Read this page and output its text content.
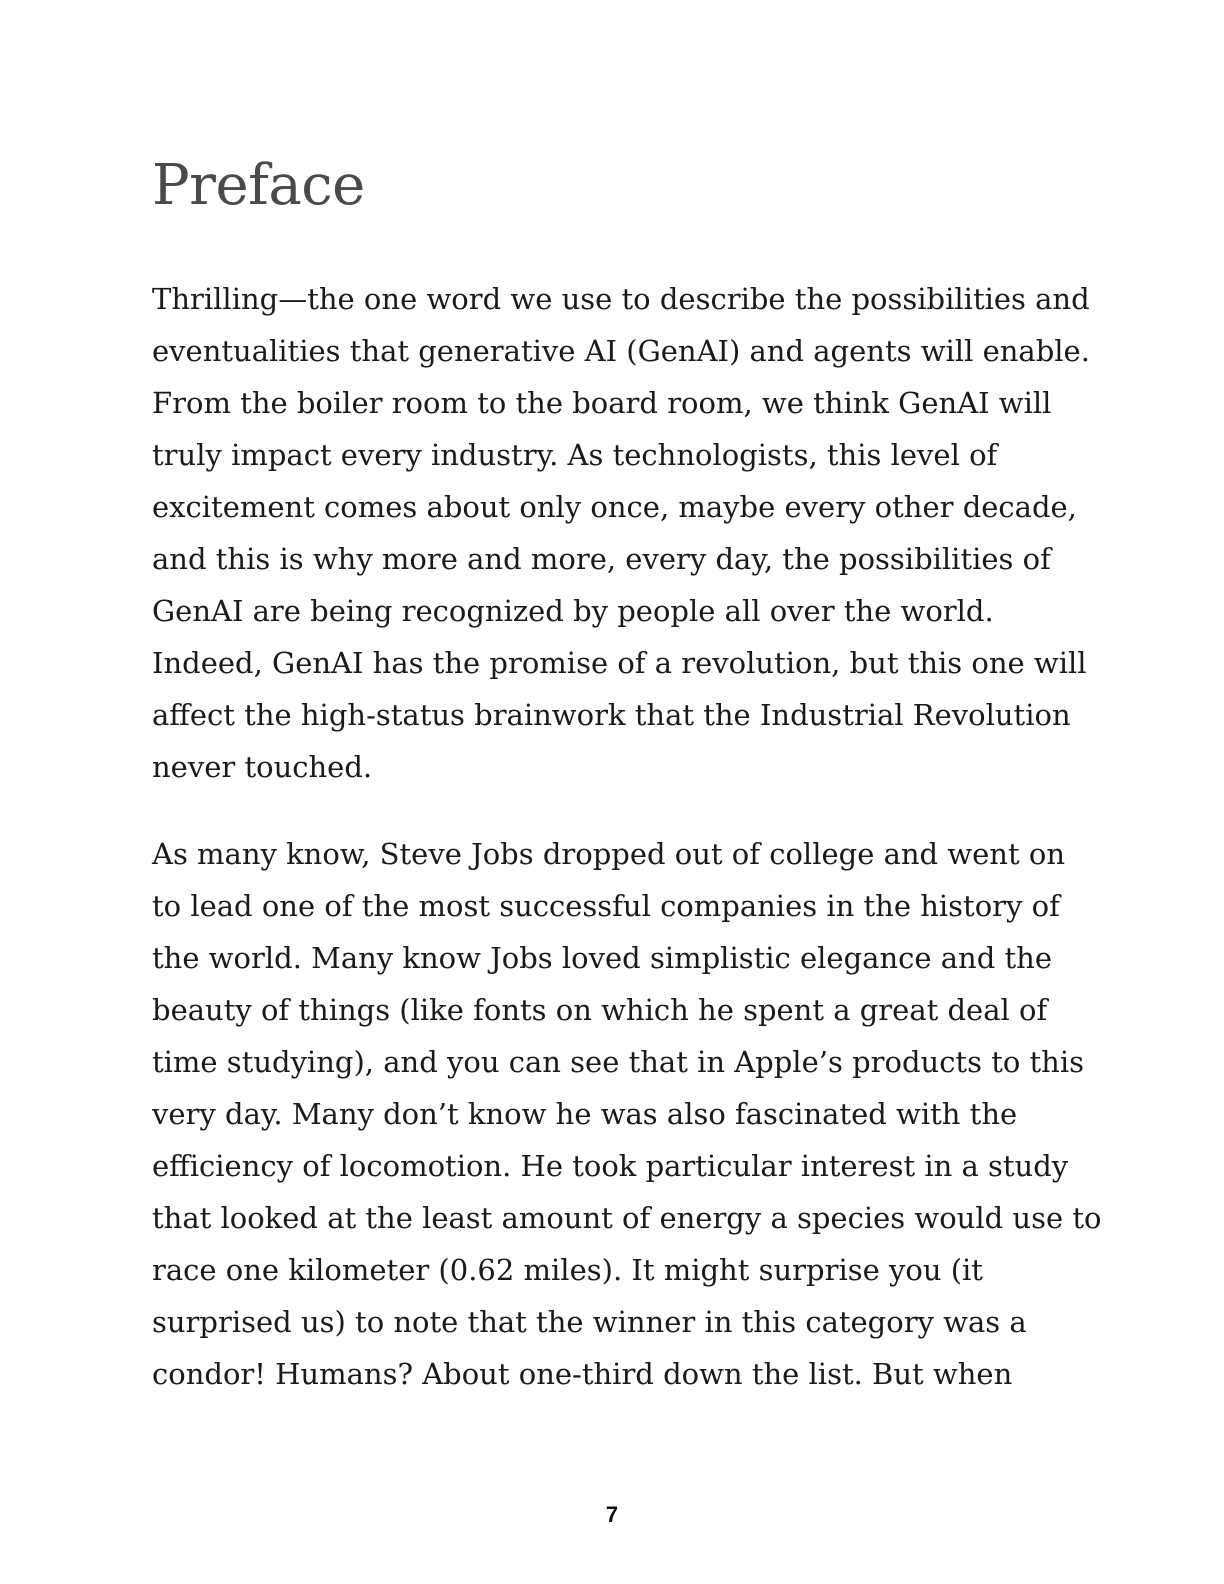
Preface
Thrilling—the one word we use to describe the possibilities and
eventualities that generative AI (GenAI) and agents will enable.
From the boiler room to the board room, we think GenAI will
truly impact every industry. As technologists, this level of
excitement comes about only once, maybe every other decade,
and this is why more and more, every day, the possibilities of
GenAI are being recognized by people all over the world.
Indeed, GenAI has the promise of a revolution, but this one will
affect the high-status brainwork that the Industrial Revolution
never touched.
As many know, Steve Jobs dropped out of college and went on
to lead one of the most successful companies in the history of
the world. Many know Jobs loved simplistic elegance and the
beauty of things (like fonts on which he spent a great deal of
time studying), and you can see that in Apple’s products to this
very day. Many don’t know he was also fascinated with the
efficiency of locomotion. He took particular interest in a study
that looked at the least amount of energy a species would use to
race one kilometer (0.62 miles). It might surprise you (it
surprised us) to note that the winner in this category was a
condor! Humans? About one-third down the list. But when
7
